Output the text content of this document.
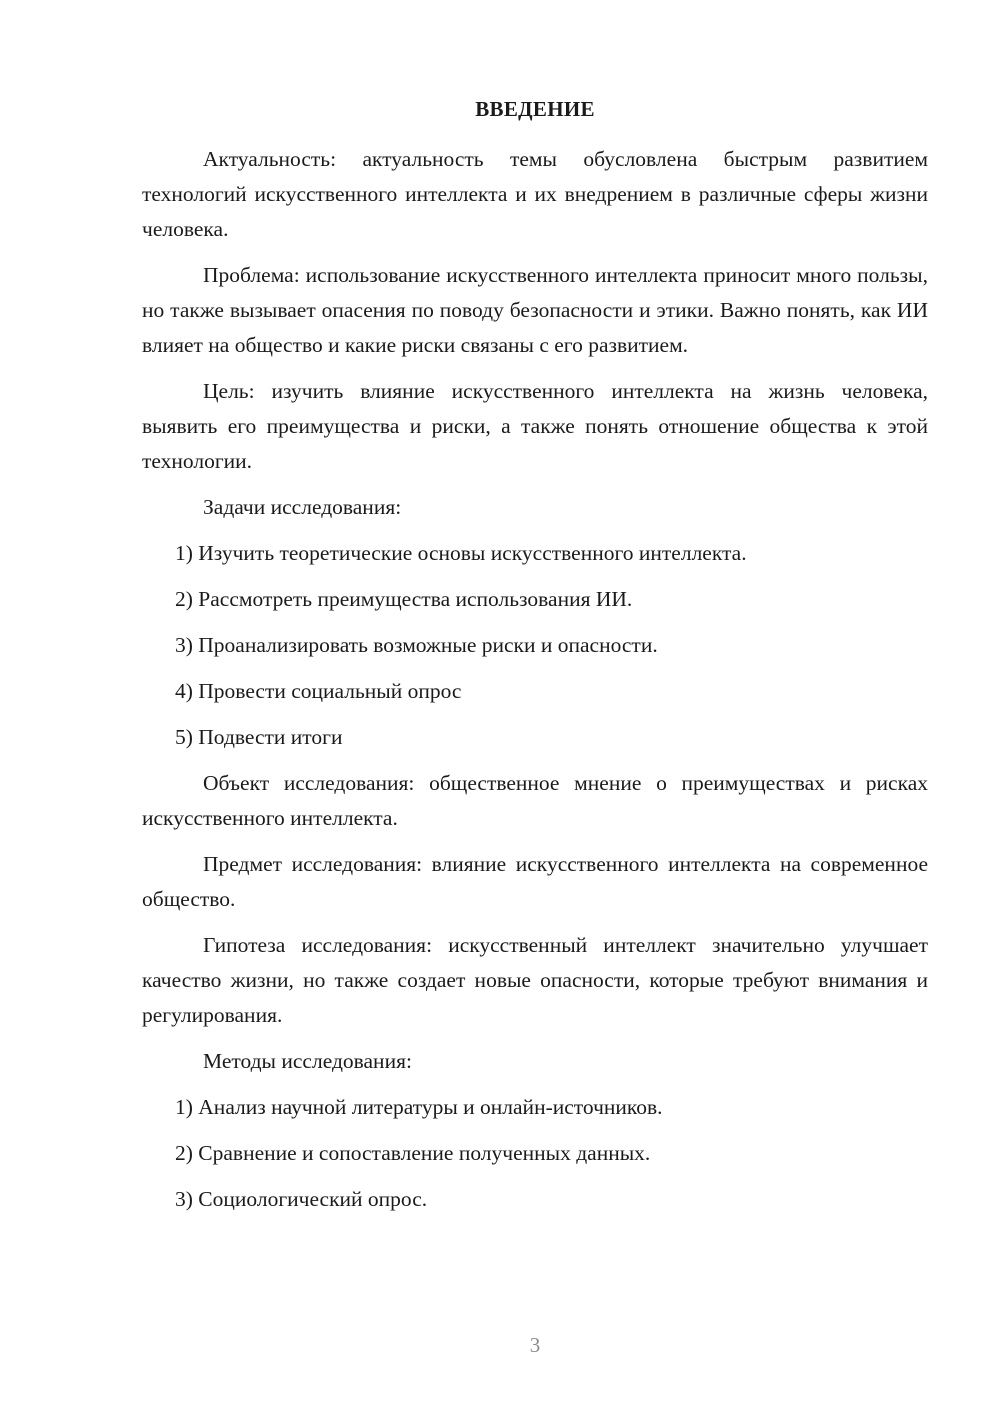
ВВЕДЕНИЕ

Актуальность: актуальность темы обусловлена быстрым развитием технологий искусственного интеллекта и их внедрением в различные сферы жизни человека.

Проблема: использование искусственного интеллекта приносит много пользы, но также вызывает опасения по поводу безопасности и этики. Важно понять, как ИИ влияет на общество и какие риски связаны с его развитием.

Цель: изучить влияние искусственного интеллекта на жизнь человека, выявить его преимущества и риски, а также понять отношение общества к этой технологии.

Задачи исследования:

1) Изучить теоретические основы искусственного интеллекта.
2) Рассмотреть преимущества использования ИИ.
3) Проанализировать возможные риски и опасности.
4) Провести социальный опрос
5) Подвести итоги

Объект исследования: общественное мнение о преимуществах и рисках искусственного интеллекта.

Предмет исследования: влияние искусственного интеллекта на современное общество.

Гипотеза исследования: искусственный интеллект значительно улучшает качество жизни, но также создает новые опасности, которые требуют внимания и регулирования.

Методы исследования:

1) Анализ научной литературы и онлайн-источников.
2) Сравнение и сопоставление полученных данных.
3) Социологический опрос.
3
